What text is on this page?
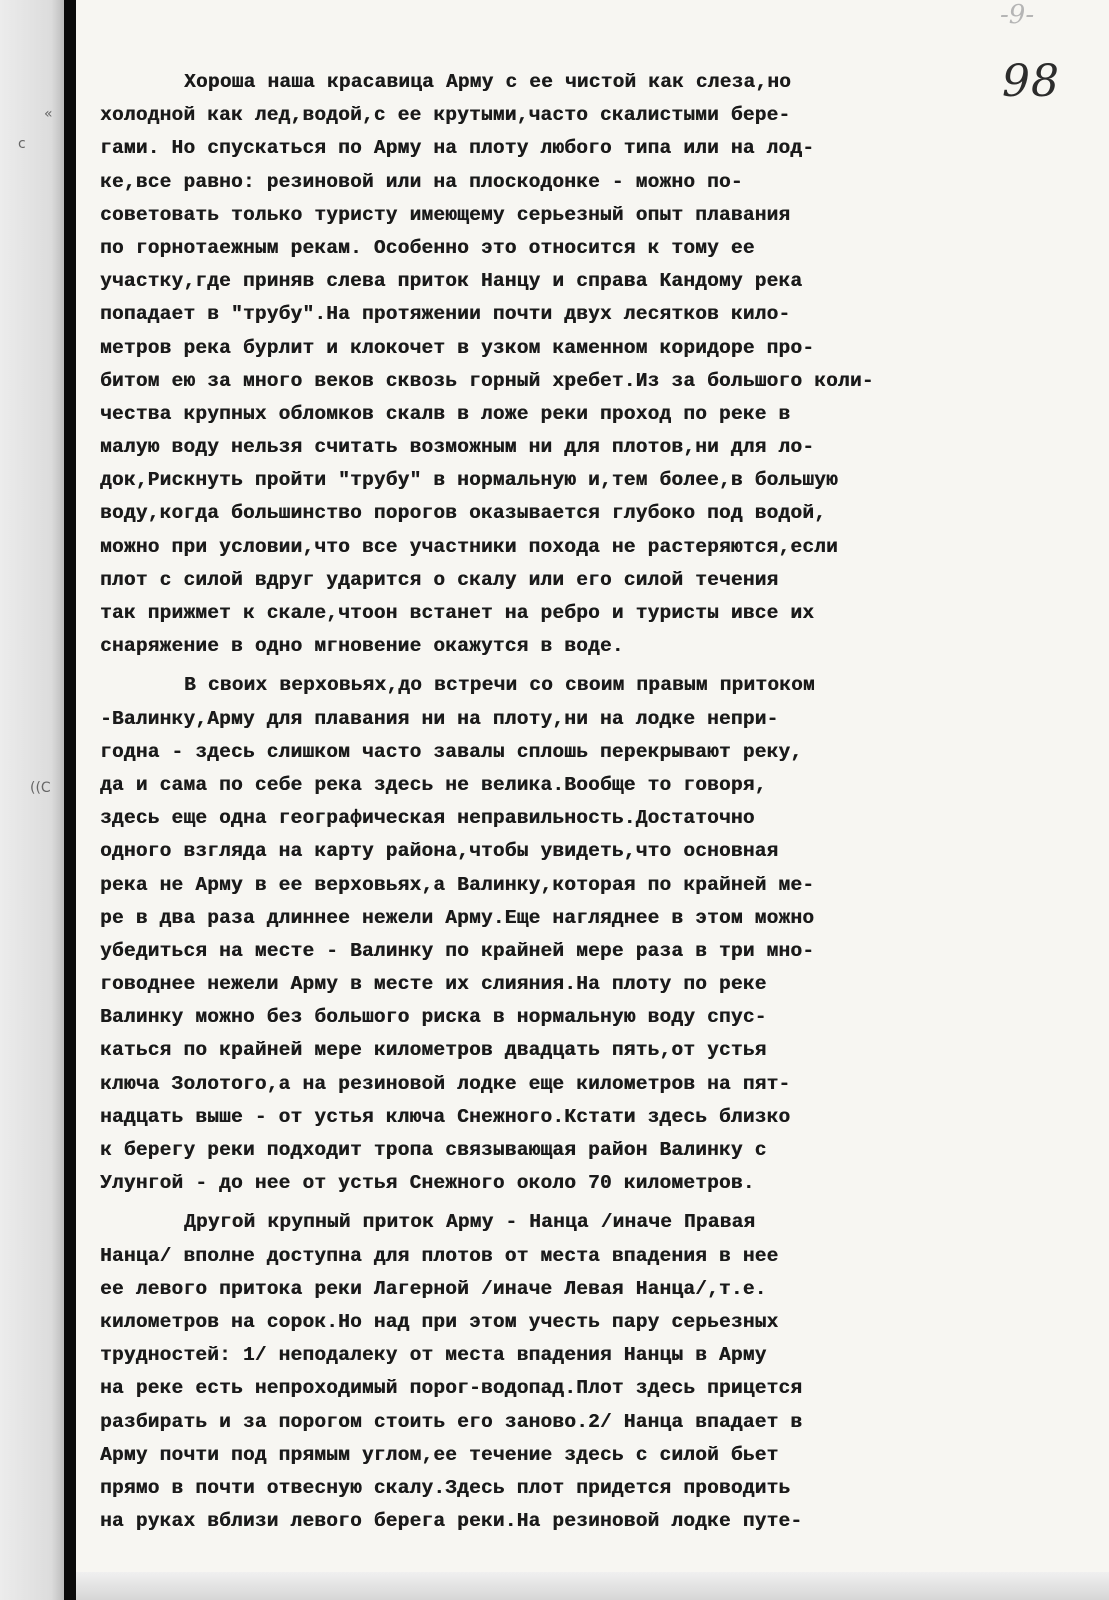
c
«
((C
-9-
98
Хорошa наша красавица Арму с ее чистой как слеза,но
холодной как лед,водой,с ее крутыми,часто скалистыми бере-
гами. Но спускаться по Арму на плоту любого типа или на лод-
ке,все равно: резиновой или на плоскодонке - можно по-
советовать только туристу имеющему серьезный опыт плавания
по горнотаежным рекам. Особенно это относится к тому ее
участку,где приняв слева приток Нанцу и справа Кандому река
попадает в "трубу".На протяжении почти двух лесятков кило-
метров река бурлит и клокочет в узком каменном коридоре про-
битом ею за много веков сквозь горный хребет.Из за большого коли-
чества крупных обломков скалв в ложе реки проход по реке в
малую воду нельзя считать возможным ни для плотов,ни для ло-
док,Рискнуть пройти "трубу" в нормальную и,тем более,в большую
воду,когда большинство порогов оказывается глубоко под водой,
можно при условии,что все участники похода не растеряются,если
плот с силой вдруг ударится о скалу или его силой течения
так прижмет к скале,чтоон встанет на ребро и туристы ивсе их
снаряжение в одно мгновение окажутся в воде.
В своих верховьях,до встречи со своим правым притоком
-Валинку,Арму для плавания ни на плоту,ни на лодке непри-
годна - здесь слишком часто завалы сплошь перекрывают реку,
да и сама по себе река здесь не велика.Вообще то говоря,
здесь еще одна географическая неправильность.Достаточно
одного взгляда на карту района,чтобы увидеть,что основная
река не Арму в ее верховьях,а Валинку,которая по крайней ме-
ре в два раза длиннее нежели Арму.Еще нагляднее в этом можно
убедиться на месте - Валинку по крайней мере раза в три мно-
говоднее нежели Арму в месте их слияния.На плоту по реке
Валинку можно без большого риска в нормальную воду спус-
каться по крайней мере километров двадцать пять,от устья
ключа Золотого,а на резиновой лодке еще километров на пят-
надцать выше - от устья ключа Снежного.Кстати здесь близко
к берегу реки подходит тропа связывающая район Валинку с
Улунгой - до нее от устья Снежного около 70 километров.
Другой крупный приток Арму - Нанца /иначе Правая
Нанца/ вполне доступна для плотов от места впадения в нее
ее левого притока реки Лагерной /иначе Левая Нанца/,т.е.
километров на сорок.Но над при этом учесть пару серьезных
трудностей: 1/ неподалеку от места впадения Нанцы в Арму
на реке есть непроходимый порог-водопад.Плот здесь прицется
разбирать и за порогом стоить его заново.2/ Нанца впадает в
Арму почти под прямым углом,ее течение здесь с силой бьет
прямо в почти отвесную скалу.Здесь плот придется проводить
на руках вблизи левого берега реки.На резиновой лодке путе-
